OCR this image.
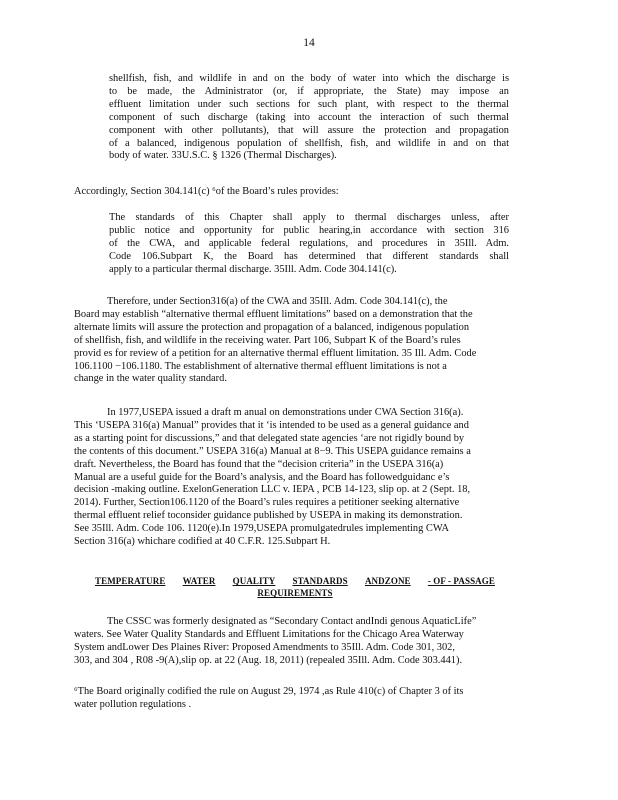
14
shellfish, fish, and wildlife in and on the body of water into which the discharge is
to be made, the Administrator (or, if appropriate, the State) may impose an
effluent limitation under such sections for such plant, with respect to the thermal
component of such discharge (taking into account the interaction of such thermal
component with other pollutants), that will assure the protection and propagation
of a balanced, indigenous population of shellfish, fish, and wildlife in and on that
body of water. 33U.S.C. § 1326 (Thermal Discharges).
Accordingly, Section 304.141(c) ⁶of the Board’s rules provides:
The standards of this Chapter shall apply to thermal discharges unless, after
public notice and opportunity for public hearing,in accordance with section 316
of the CWA, and applicable federal regulations, and procedures in 35Ill. Adm.
Code 106.Subpart K, the Board has determined that different standards shall
apply to a particular thermal discharge. 35Ill. Adm. Code 304.141(c).
Therefore, under Section316(a) of the CWA and 35Ill. Adm. Code 304.141(c), the
Board may establish “alternative thermal effluent limitations” based on a demonstration that the
alternate limits will assure the protection and propagation of a balanced, indigenous population
of shellfish, fish, and wildlife in the receiving water. Part 106, Subpart K of the Board’s rules
provid es for review of a petition for an alternative thermal effluent limitation. 35 Ill. Adm. Code
106.1100 −106.1180. The establishment of alternative thermal effluent limitations is not a
change in the water quality standard.
In 1977,USEPA issued a draft m anual on demonstrations under CWA Section 316(a).
This ‘USEPA 316(a) Manual” provides that it ‘is intended to be used as a general guidance and
as a starting point for discussions,” and that delegated state agencies ‘are not rigidly bound by
the contents of this document.” USEPA 316(a) Manual at 8−9. This USEPA guidance remains a
draft. Nevertheless, the Board has found that the “decision criteria” in the USEPA 316(a)
Manual are a useful guide for the Board’s analysis, and the Board has followedguidanc e’s
decision -making outline. ExelonGeneration LLC v. IEPA , PCB 14-123, slip op. at 2 (Sept. 18,
2014). Further, Section106.1120 of the Board’s rules requires a petitioner seeking alternative
thermal effluent relief toconsider guidance published by USEPA in making its demonstration.
See 35Ill. Adm. Code 106. 1120(e).In 1979,USEPA promulgatedrules implementing CWA
Section 316(a) whichare codified at 40 C.F.R. 125.Subpart H.
TEMPERATURE WATER QUALITY STANDARDS ANDZONE - OF - PASSAGE
REQUIREMENTS
The CSSC was formerly designated as “Secondary Contact andIndi genous AquaticLife”
waters. See Water Quality Standards and Effluent Limitations for the Chicago Area Waterway
System andLower Des Plaines River: Proposed Amendments to 35Ill. Adm. Code 301, 302,
303, and 304 , R08 -9(A),slip op. at 22 (Aug. 18, 2011) (repealed 35Ill. Adm. Code 303.441).
⁶The Board originally codified the rule on August 29, 1974 ,as Rule 410(c) of Chapter 3 of its
water pollution regulations .
